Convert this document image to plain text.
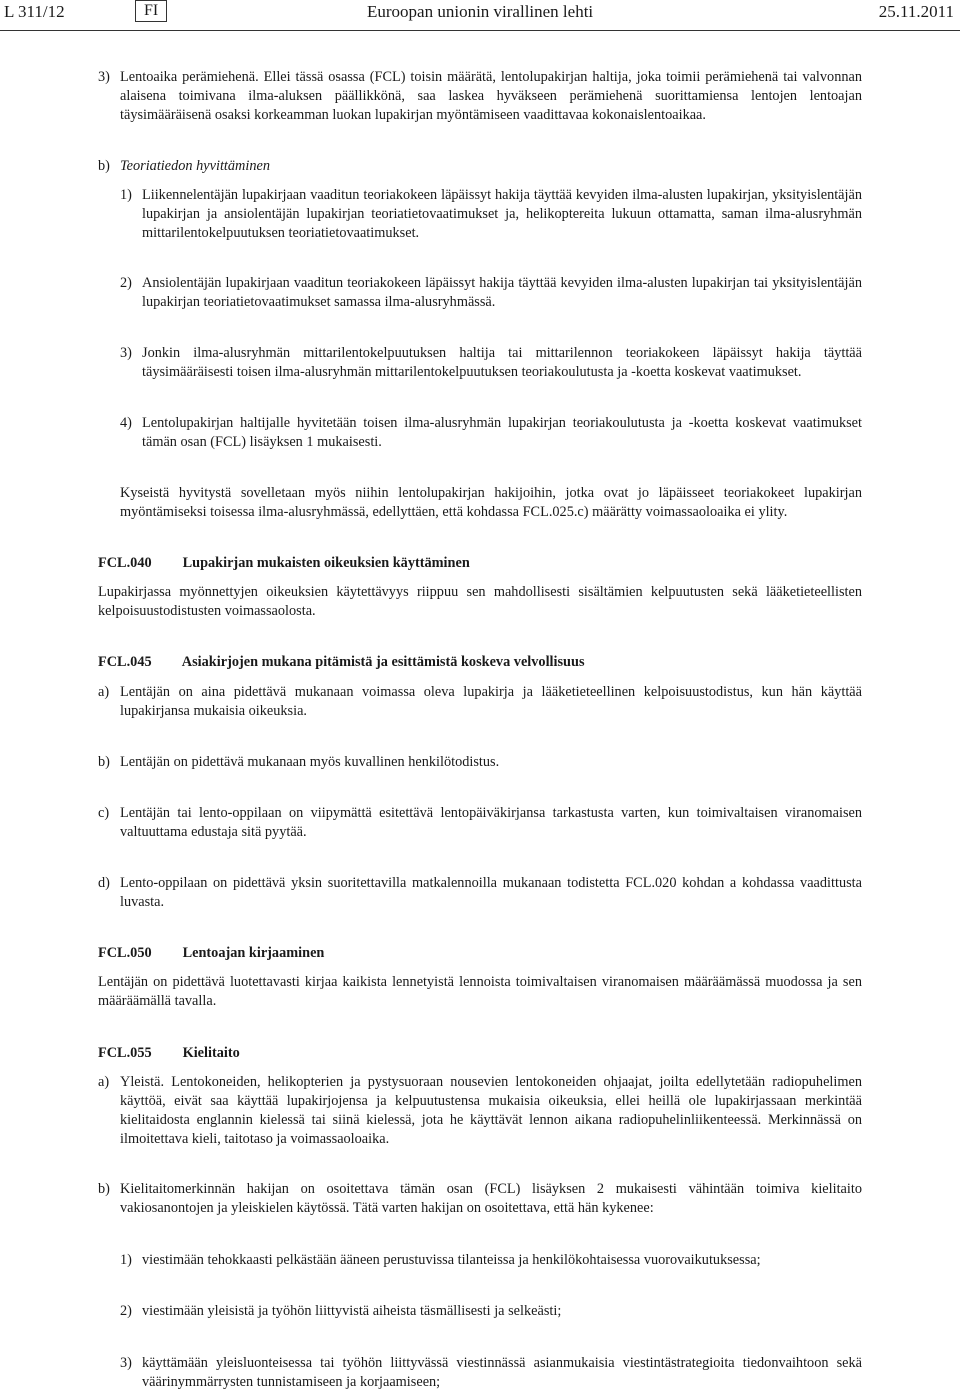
L 311/12	FI	Euroopan unionin virallinen lehti	25.11.2011
3) Lentoaika perämiehenä. Ellei tässä osassa (FCL) toisin määrätä, lentolupakirjan haltija, joka toimii perämiehenä tai valvonnan alaisena toimivana ilma-aluksen päällikkönä, saa laskea hyväkseen perämiehenä suorittamiensa lentojen lentoajan täysimääräisenä osaksi korkeamman luokan lupakirjan myöntämiseen vaadittavaa kokonaislentoaikaa.

b) Teoriatiedon hyvittäminen
1) Liikennelentäjän lupakirjaan vaaditun teoriakokeen läpäissyt hakija täyttää kevyiden ilma-alusten lupakirjan, yksityislentäjän lupakirjan ja ansiolentäjän lupakirjan teoriatietovaatimukset ja, helikoptereita lukuun ottamatta, saman ilma-alusryhmän mittarilentokelpuutuksen teoriatietovaatimukset.

2) Ansiolentäjän lupakirjaan vaaditun teoriakokeen läpäissyt hakija täyttää kevyiden ilma-alusten lupakirjan tai yksityislentäjän lupakirjan teoriatietovaatimukset samassa ilma-alusryhmässä.

3) Jonkin ilma-alusryhmän mittarilentokelpuutuksen haltija tai mittarilennon teoriakokeen läpäissyt hakija täyttää täysimääräisesti toisen ilma-alusryhmän mittarilentokelpuutuksen teoriakoulutusta ja -koetta koskevat vaatimukset.

4) Lentolupakirjan haltijalle hyvitetään toisen ilma-alusryhmän lupakirjan teoriakoulutusta ja -koetta koskevat vaatimukset tämän osan (FCL) lisäyksen 1 mukaisesti.

Kyseistä hyvitystä sovelletaan myös niihin lentolupakirjan hakijoihin, jotka ovat jo läpäisseet teoriakokeet lupakirjan myöntämiseksi toisessa ilma-alusryhmässä, edellyttäen, että kohdassa FCL.025.c) määrätty voimassaoloaika ei ylity.

FCL.040 Lupakirjan mukaisten oikeuksien käyttäminen

Lupakirjassa myönnettyjen oikeuksien käytettävyys riippuu sen mahdollisesti sisältämien kelpuutusten sekä lääketieteellisten kelpoisuustodistusten voimassaolosta.

FCL.045 Asiakirjojen mukana pitämistä ja esittämistä koskeva velvollisuus
a) Lentäjän on aina pidettävä mukanaan voimassa oleva lupakirja ja lääketieteellinen kelpoisuustodistus, kun hän käyttää lupakirjansa mukaisia oikeuksia.

b) Lentäjän on pidettävä mukanaan myös kuvallinen henkilötodistus.

c) Lentäjän tai lento-oppilaan on viipymättä esitettävä lentopäiväkirjansa tarkastusta varten, kun toimivaltaisen viranomaisen valtuuttama edustaja sitä pyytää.

d) Lento-oppilaan on pidettävä yksin suoritettavilla matkalennoilla mukanaan todistetta FCL.020 kohdan a kohdassa vaadittusta luvasta.

FCL.050 Lentoajan kirjaaminen

Lentäjän on pidettävä luotettavasti kirjaa kaikista lennetyistä lennoista toimivaltaisen viranomaisen määräämässä muodossa ja sen määräämällä tavalla.

FCL.055 Kielitaito
a) Yleistä. Lentokoneiden, helikopterien ja pystysuoraan nousevien lentokoneiden ohjaajat, joilta edellytetään radiopuhelimen käyttöä, eivät saa käyttää lupakirjojensa ja kelpuutustensa mukaisia oikeuksia, ellei heillä ole lupakirjassaan merkintää kielitaidosta englannin kielessä tai siinä kielessä, jota he käyttävät lennon aikana radiopuhelinliikenteessä. Merkinnässä on ilmoitettava kieli, taitotaso ja voimassaoloaika.

b) Kielitaitomerkinnän hakijan on osoitettava tämän osan (FCL) lisäyksen 2 mukaisesti vähintään toimiva kielitaito vakiosanontojen ja yleiskielen käytössä. Tätä varten hakijan on osoitettava, että hän kykenee:

1) viestimään tehokkaasti pelkästään ääneen perustuvissa tilanteissa ja henkilökohtaisessa vuorovaikutuksessa;

2) viestimään yleisistä ja työhön liittyvistä aiheista täsmällisesti ja selkeästi;

3) käyttämään yleisluonteisessa tai työhön liittyvässä viestinnässä asianmukaisia viestintästrategioita tiedonvaihtoon sekä väärinymmärrysten tunnistamiseen ja korjaamiseen;
